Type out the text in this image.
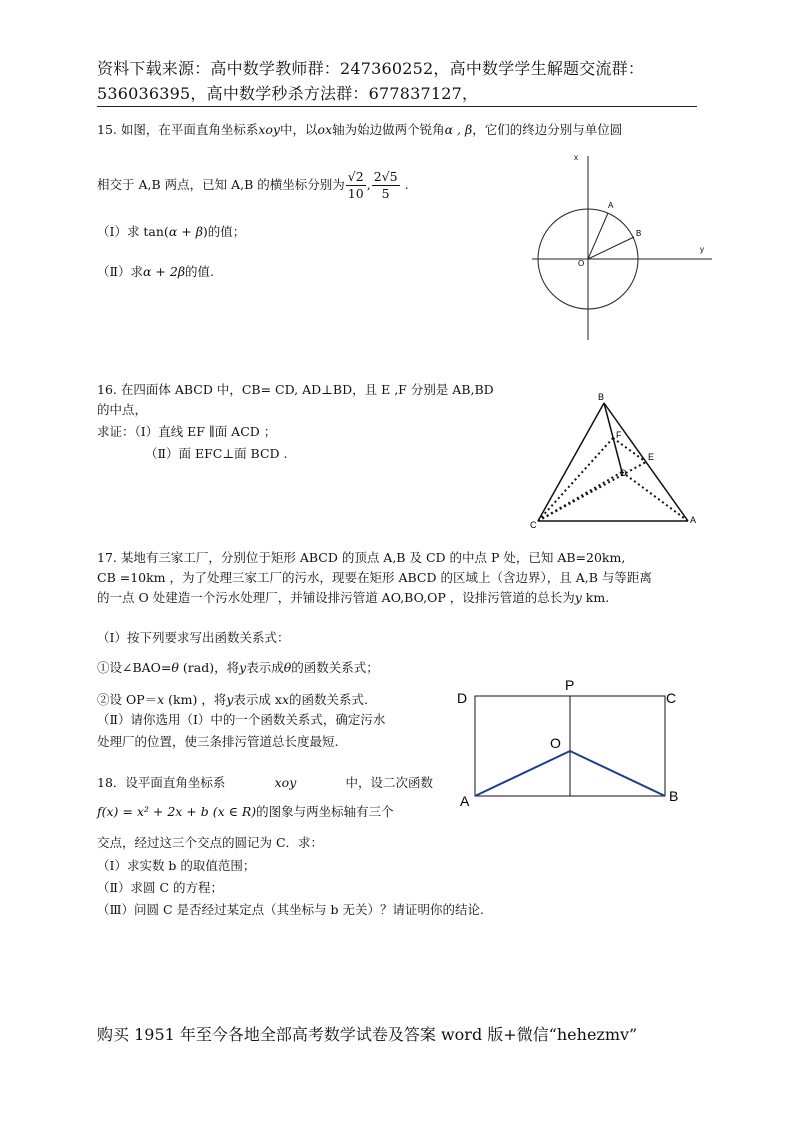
资料下载来源：高中数学教师群：247360252，高中数学学生解题交流群：
536036395，高中数学秒杀方法群：677837127，
15. 如图，在平面直角坐标系xoy中，以ox轴为始边做两个锐角α , β，它们的终边分别与单位圆
相交于 A,B 两点，已知 A,B 的横坐标分别为 $\frac{√2}{10}$ , $\frac{2√5}{5}$ .
（Ⅰ）求 tan(α + β)的值；
（Ⅱ）求α + 2β的值.
x
y
A
B
O
16. 在四面体 ABCD 中，CB= CD, AD⊥BD，且 E ,F 分别是 AB,BD
的中点，
求证：（Ⅰ）直线 EF ∥面 ACD ；
（Ⅱ）面 EFC⊥面 BCD .
B
F
E
D
A
C
17. 某地有三家工厂，分别位于矩形 ABCD 的顶点 A,B 及 CD 的中点 P 处，已知 AB=20km,
CB =10km ，为了处理三家工厂的污水，现要在矩形 ABCD 的区域上（含边界），且 A,B 与等距离
的一点 O 处建造一个污水处理厂，并铺设排污管道 AO,BO,OP ，设排污管道的总长为y km.
（Ⅰ）按下列要求写出函数关系式：
①设∠BAO=θ (rad)，将y表示成θ的函数关系式；
②设 OP＝x (km) ，将y表示成 xx的函数关系式.
（Ⅱ）请你选用（Ⅰ）中的一个函数关系式，确定污水
处理厂的位置，使三条排污管道总长度最短.
D
P
C
O
A	B
18．设平面直角坐标系	xoy	中，设二次函数
f(x) = x² + 2x + b (x ∈ R)的图象与两坐标轴有三个
交点，经过这三个交点的圆记为 C．求：
（Ⅰ）求实数 b 的取值范围；
（Ⅱ）求圆 C 的方程；
（Ⅲ）问圆 C 是否经过某定点（其坐标与 b 无关）？请证明你的结论.
购买 1951 年至今各地全部高考数学试卷及答案 word 版+微信“hehezmv”
